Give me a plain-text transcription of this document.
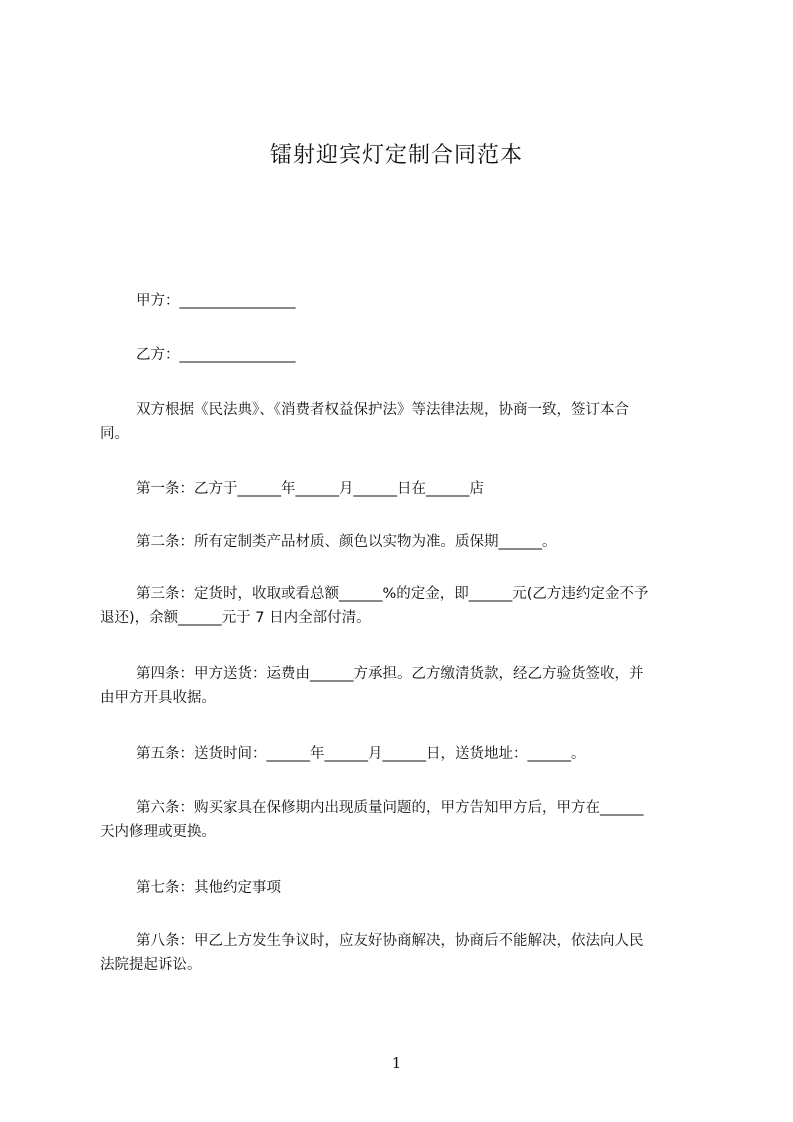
镭射迎宾灯定制合同范本
甲方：________________
乙方：________________
双方根据《民法典》、《消费者权益保护法》等法律法规，协商一致，签订本合
同。
第一条：乙方于______年______月______日在______店
第二条：所有定制类产品材质、颜色以实物为准。质保期______。
第三条：定货时，收取或看总额______%的定金，即______元(乙方违约定金不予
退还)，余额______元于 7 日内全部付清。
第四条：甲方送货：运费由______方承担。乙方缴清货款，经乙方验货签收，并
由甲方开具收据。
第五条：送货时间：______年______月______日，送货地址：______。
第六条：购买家具在保修期内出现质量问题的，甲方告知甲方后，甲方在______
天内修理或更换。
第七条：其他约定事项
第八条：甲乙上方发生争议时，应友好协商解决，协商后不能解决，依法向人民
法院提起诉讼。
1
